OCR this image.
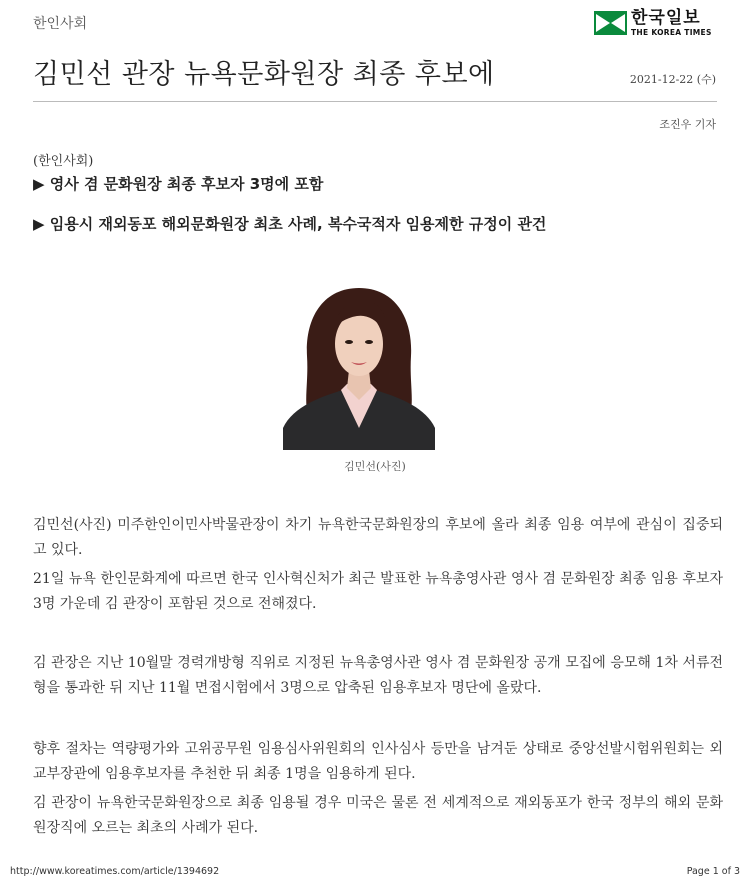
한인사회	한국일보
THE KOREA TIMES
김민선 관장 뉴욕문화원장 최종 후보에	2021-12-22 (수)
조진우 기자
(한인사회)
▶ 영사 겸 문화원장 최종 후보자 3명에 포함
▶ 임용시 재외동포 해외문화원장 최초 사례, 복수국적자 임용제한 규정이 관건
김민선(사진)

김민선(사진) 미주한인이민사박물관장이 차기 뉴욕한국문화원장의 후보에 올라 최종 임용 여부에 관심이 집중되고 있다.

21일 뉴욕 한인문화계에 따르면 한국 인사혁신처가 최근 발표한 뉴욕총영사관 영사 겸 문화원장 최종 임용 후보자 3명 가운데 김 관장이 포함된 것으로 전해졌다.

김 관장은 지난 10월말 경력개방형 직위로 지정된 뉴욕총영사관 영사 겸 문화원장 공개 모집에 응모해 1차 서류전형을 통과한 뒤 지난 11월 면접시험에서 3명으로 압축된 임용후보자 명단에 올랐다.

향후 절차는 역량평가와 고위공무원 임용심사위원회의 인사심사 등만을 남겨둔 상태로 중앙선발시험위원회는 외교부장관에 임용후보자를 추천한 뒤 최종 1명을 임용하게 된다.

김 관장이 뉴욕한국문화원장으로 최종 임용될 경우 미국은 물론 전 세계적으로 재외동포가 한국 정부의 해외 문화원장직에 오르는 최초의 사례가 된다.

http://www.koreatimes.com/article/1394692	Page 1 of 3
